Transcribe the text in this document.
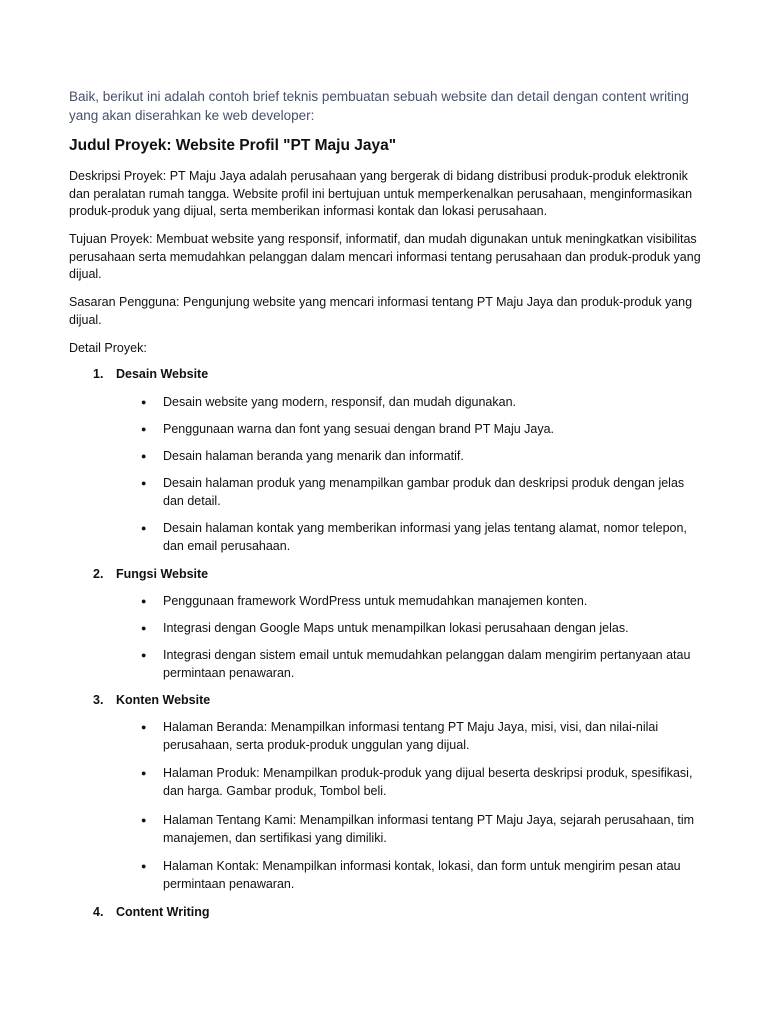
Baik, berikut ini adalah contoh brief teknis pembuatan sebuah website dan detail dengan content writing yang akan diserahkan ke web developer:
Judul Proyek: Website Profil "PT Maju Jaya"
Deskripsi Proyek: PT Maju Jaya adalah perusahaan yang bergerak di bidang distribusi produk-produk elektronik dan peralatan rumah tangga. Website profil ini bertujuan untuk memperkenalkan perusahaan, menginformasikan produk-produk yang dijual, serta memberikan informasi kontak dan lokasi perusahaan.
Tujuan Proyek: Membuat website yang responsif, informatif, dan mudah digunakan untuk meningkatkan visibilitas perusahaan serta memudahkan pelanggan dalam mencari informasi tentang perusahaan dan produk-produk yang dijual.
Sasaran Pengguna: Pengunjung website yang mencari informasi tentang PT Maju Jaya dan produk-produk yang dijual.
Detail Proyek:
1. Desain Website
● Desain website yang modern, responsif, dan mudah digunakan.
● Penggunaan warna dan font yang sesuai dengan brand PT Maju Jaya.
● Desain halaman beranda yang menarik dan informatif.
● Desain halaman produk yang menampilkan gambar produk dan deskripsi produk dengan jelas dan detail.
● Desain halaman kontak yang memberikan informasi yang jelas tentang alamat, nomor telepon, dan email perusahaan.
2. Fungsi Website
● Penggunaan framework WordPress untuk memudahkan manajemen konten.
● Integrasi dengan Google Maps untuk menampilkan lokasi perusahaan dengan jelas.
● Integrasi dengan sistem email untuk memudahkan pelanggan dalam mengirim pertanyaan atau permintaan penawaran.
3. Konten Website
● Halaman Beranda: Menampilkan informasi tentang PT Maju Jaya, misi, visi, dan nilai-nilai perusahaan, serta produk-produk unggulan yang dijual.
● Halaman Produk: Menampilkan produk-produk yang dijual beserta deskripsi produk, spesifikasi, dan harga. Gambar produk, Tombol beli.
● Halaman Tentang Kami: Menampilkan informasi tentang PT Maju Jaya, sejarah perusahaan, tim manajemen, dan sertifikasi yang dimiliki.
● Halaman Kontak: Menampilkan informasi kontak, lokasi, dan form untuk mengirim pesan atau permintaan penawaran.
4. Content Writing
